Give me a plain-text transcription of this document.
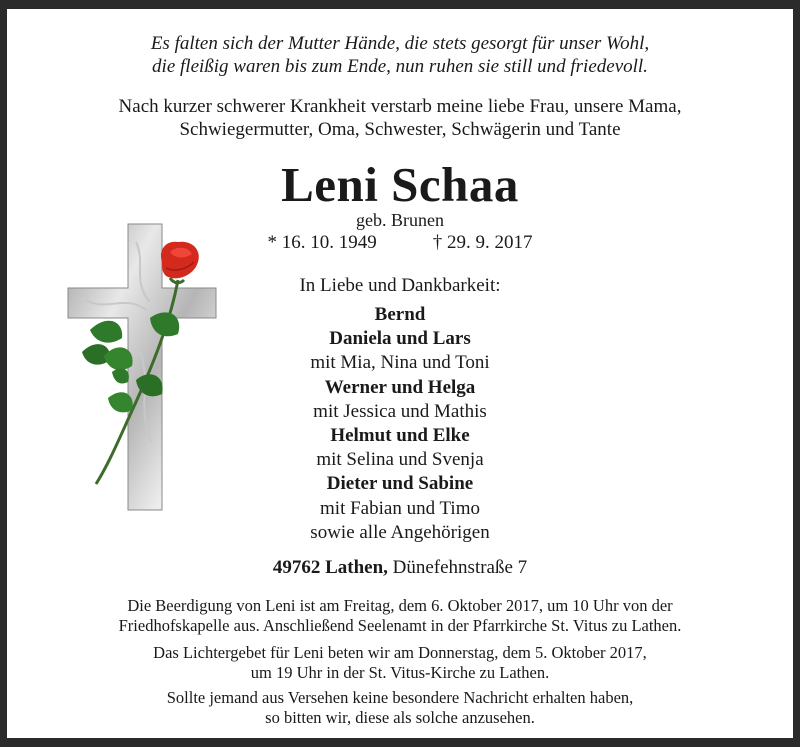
Es falten sich der Mutter Hände, die stets gesorgt für unser Wohl,
die fleißig waren bis zum Ende, nun ruhen sie still und friedevoll.
Nach kurzer schwerer Krankheit verstarb meine liebe Frau, unsere Mama,
Schwiegermutter, Oma, Schwester, Schwägerin und Tante
Leni Schaa
geb. Brunen
* 16. 10. 1949	† 29. 9. 2017
In Liebe und Dankbarkeit:
Bernd
Daniela und Lars
mit Mia, Nina und Toni
Werner und Helga
mit Jessica und Mathis
Helmut und Elke
mit Selina und Svenja
Dieter und Sabine
mit Fabian und Timo
sowie alle Angehörigen
49762 Lathen, Dünefehnstraße 7
Die Beerdigung von Leni ist am Freitag, dem 6. Oktober 2017, um 10 Uhr von der
Friedhofskapelle aus. Anschließend Seelenamt in der Pfarrkirche St. Vitus zu Lathen.
Das Lichtergebet für Leni beten wir am Donnerstag, dem 5. Oktober 2017,
um 19 Uhr in der St. Vitus-Kirche zu Lathen.
Sollte jemand aus Versehen keine besondere Nachricht erhalten haben,
so bitten wir, diese als solche anzusehen.
